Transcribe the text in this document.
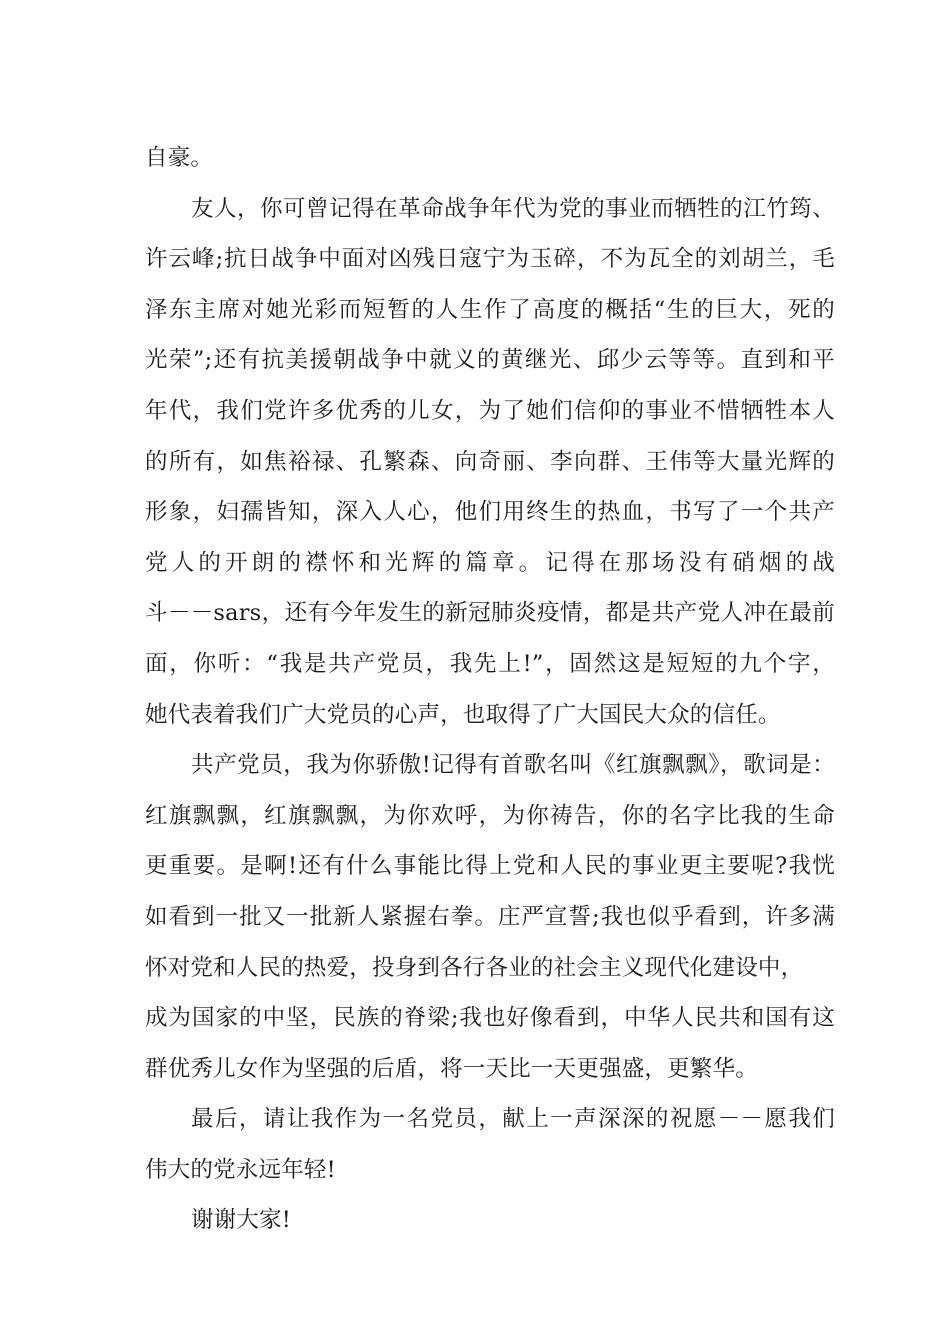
自豪。
友人，你可曾记得在革命战争年代为党的事业而牺牲的江竹筠、
许云峰;抗日战争中面对凶残日寇宁为玉碎，不为瓦全的刘胡兰，毛
泽东主席对她光彩而短暂的人生作了高度的概括“生的巨大，死的
光荣”;还有抗美援朝战争中就义的黄继光、邱少云等等。直到和平
年代，我们党许多优秀的儿女，为了她们信仰的事业不惜牺牲本人
的所有，如焦裕禄、孔繁森、向奇丽、李向群、王伟等大量光辉的
形象，妇孺皆知，深入人心，他们用终生的热血，书写了一个共产
党人的开朗的襟怀和光辉的篇章。记得在那场没有硝烟的战
斗－－sars，还有今年发生的新冠肺炎疫情，都是共产党人冲在最前
面，你听：“我是共产党员，我先上!”，固然这是短短的九个字，
她代表着我们广大党员的心声，也取得了广大国民大众的信任。
共产党员，我为你骄傲!记得有首歌名叫《红旗飘飘》，歌词是：
红旗飘飘，红旗飘飘，为你欢呼，为你祷告，你的名字比我的生命
更重要。是啊!还有什么事能比得上党和人民的事业更主要呢?我恍
如看到一批又一批新人紧握右拳。庄严宣誓;我也似乎看到，许多满
怀对党和人民的热爱，投身到各行各业的社会主义现代化建设中，
成为国家的中坚，民族的脊梁;我也好像看到，中华人民共和国有这
群优秀儿女作为坚强的后盾，将一天比一天更强盛，更繁华。
最后，请让我作为一名党员，献上一声深深的祝愿－－愿我们
伟大的党永远年轻!
谢谢大家!
